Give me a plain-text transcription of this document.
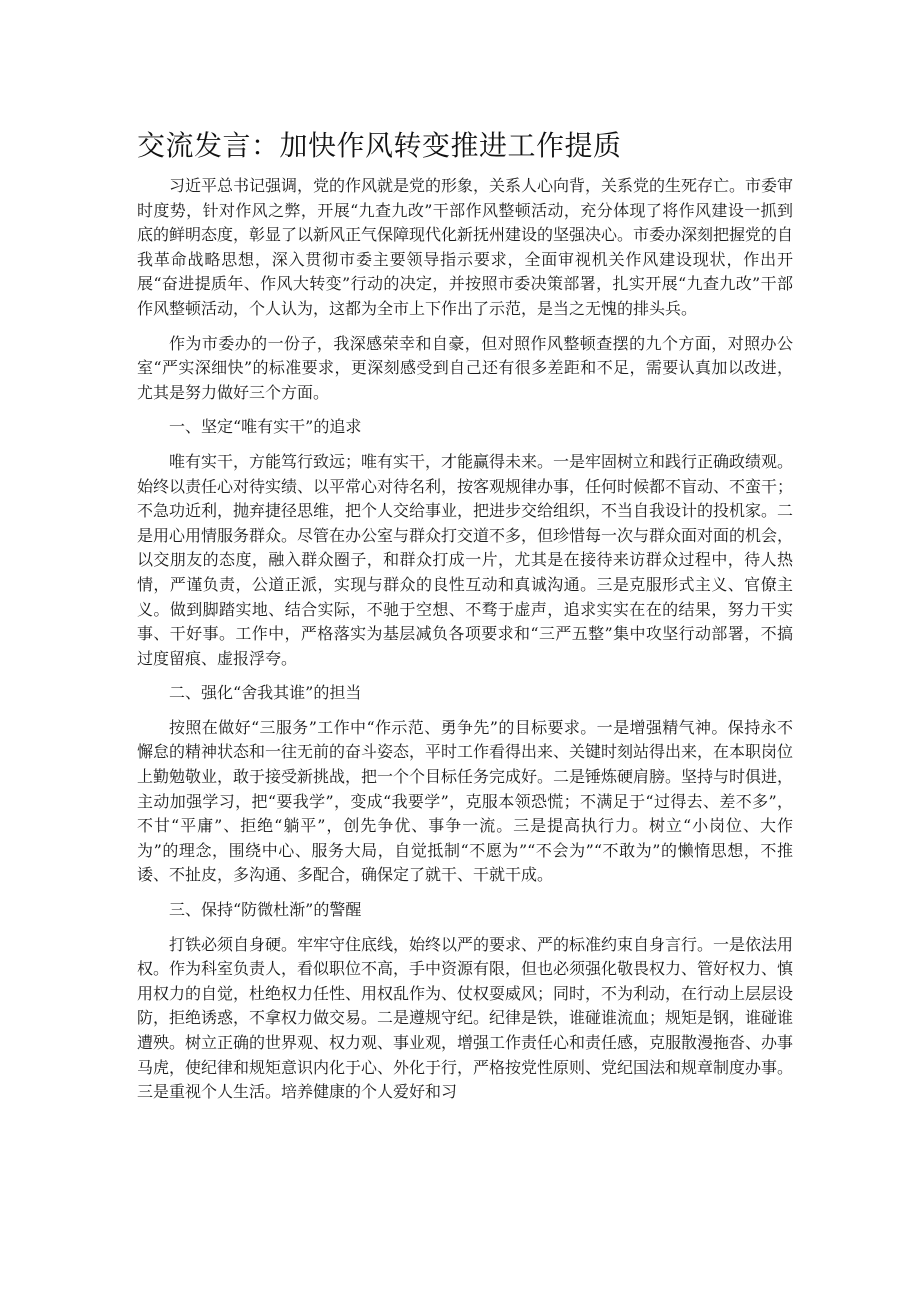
交流发言：加快作风转变推进工作提质

习近平总书记强调，党的作风就是党的形象，关系人心向背，关系党的生死存亡。市委审时度势，针对作风之弊，开展“九查九改”干部作风整顿活动，充分体现了将作风建设一抓到底的鲜明态度，彰显了以新风正气保障现代化新抚州建设的坚强决心。市委办深刻把握党的自我革命战略思想，深入贯彻市委主要领导指示要求，全面审视机关作风建设现状，作出开展“奋进提质年、作风大转变”行动的决定，并按照市委决策部署，扎实开展“九查九改”干部作风整顿活动，个人认为，这都为全市上下作出了示范，是当之无愧的排头兵。

作为市委办的一份子，我深感荣幸和自豪，但对照作风整顿查摆的九个方面，对照办公室“严实深细快”的标准要求，更深刻感受到自己还有很多差距和不足，需要认真加以改进，尤其是努力做好三个方面。

一、坚定“唯有实干”的追求

唯有实干，方能笃行致远；唯有实干，才能赢得未来。一是牢固树立和践行正确政绩观。始终以责任心对待实绩、以平常心对待名利，按客观规律办事，任何时候都不盲动、不蛮干；不急功近利，抛弃捷径思维，把个人交给事业，把进步交给组织，不当自我设计的投机家。二是用心用情服务群众。尽管在办公室与群众打交道不多，但珍惜每一次与群众面对面的机会，以交朋友的态度，融入群众圈子，和群众打成一片，尤其是在接待来访群众过程中，待人热情，严谨负责，公道正派，实现与群众的良性互动和真诚沟通。三是克服形式主义、官僚主义。做到脚踏实地、结合实际，不驰于空想、不骛于虚声，追求实实在在的结果，努力干实事、干好事。工作中，严格落实为基层减负各项要求和“三严五整”集中攻坚行动部署，不搞过度留痕、虚报浮夸。

二、强化“舍我其谁”的担当

按照在做好“三服务”工作中“作示范、勇争先”的目标要求。一是增强精气神。保持永不懈怠的精神状态和一往无前的奋斗姿态，平时工作看得出来、关键时刻站得出来，在本职岗位上勤勉敬业，敢于接受新挑战，把一个个目标任务完成好。二是锤炼硬肩膀。坚持与时俱进，主动加强学习，把“要我学”，变成“我要学”，克服本领恐慌；不满足于“过得去、差不多”，不甘“平庸”、拒绝“躺平”，创先争优、事争一流。三是提高执行力。树立“小岗位、大作为”的理念，围绕中心、服务大局，自觉抵制“不愿为”“不会为”“不敢为”的懒惰思想，不推诿、不扯皮，多沟通、多配合，确保定了就干、干就干成。

三、保持“防微杜渐”的警醒

打铁必须自身硬。牢牢守住底线，始终以严的要求、严的标准约束自身言行。一是依法用权。作为科室负责人，看似职位不高，手中资源有限，但也必须强化敬畏权力、管好权力、慎用权力的自觉，杜绝权力任性、用权乱作为、仗权耍威风；同时，不为利动，在行动上层层设防，拒绝诱惑，不拿权力做交易。二是遵规守纪。纪律是铁，谁碰谁流血；规矩是钢，谁碰谁遭殃。树立正确的世界观、权力观、事业观，增强工作责任心和责任感，克服散漫拖沓、办事马虎，使纪律和规矩意识内化于心、外化于行，严格按党性原则、党纪国法和规章制度办事。三是重视个人生活。培养健康的个人爱好和习
